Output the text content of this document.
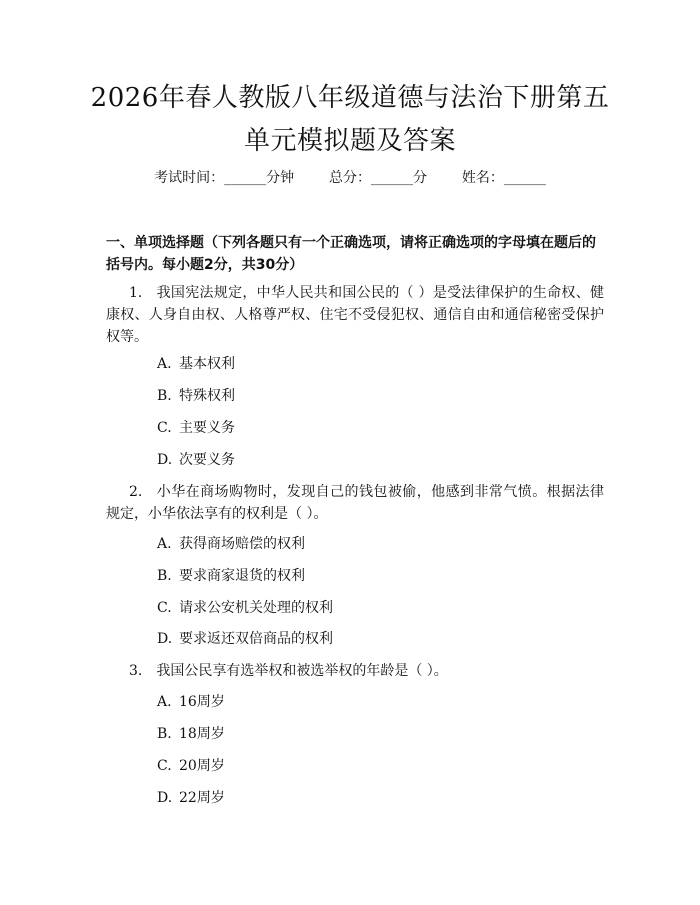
2026年春人教版八年级道德与法治下册第五
单元模拟题及答案
考试时间：______分钟 总分：______分 姓名：______
一、单项选择题（下列各题只有一个正确选项，请将正确选项的字母填在题后的括号内。每小题2分，共30分）
1. 我国宪法规定，中华人民共和国公民的（ ）是受法律保护的生命权、健康权、人身自由权、人格尊严权、住宅不受侵犯权、通信自由和通信秘密受保护权等。
A. 基本权利
B. 特殊权利
C. 主要义务
D. 次要义务
2. 小华在商场购物时，发现自己的钱包被偷，他感到非常气愤。根据法律规定，小华依法享有的权利是（ ）。
A. 获得商场赔偿的权利
B. 要求商家退货的权利
C. 请求公安机关处理的权利
D. 要求返还双倍商品的权利
3. 我国公民享有选举权和被选举权的年龄是（ ）。
A. 16周岁
B. 18周岁
C. 20周岁
D. 22周岁
